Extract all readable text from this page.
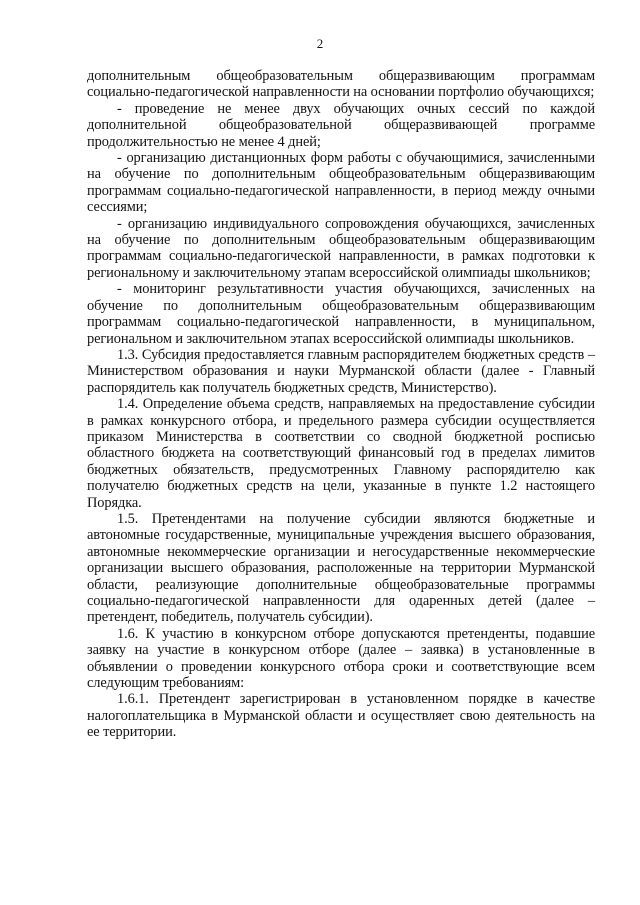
2

дополнительным общеобразовательным общеразвивающим программам социально-педагогической направленности на основании портфолио обучающихся;

- проведение не менее двух обучающих очных сессий по каждой дополнительной общеобразовательной общеразвивающей программе продолжительностью не менее 4 дней;

- организацию дистанционных форм работы с обучающимися, зачисленными на обучение по дополнительным общеобразовательным общеразвивающим программам социально-педагогической направленности, в период между очными сессиями;

- организацию индивидуального сопровождения обучающихся, зачисленных на обучение по дополнительным общеобразовательным общеразвивающим программам социально-педагогической направленности, в рамках подготовки к региональному и заключительному этапам всероссийской олимпиады школьников;

- мониторинг результативности участия обучающихся, зачисленных на обучение по дополнительным общеобразовательным общеразвивающим программам социально-педагогической направленности, в муниципальном, региональном и заключительном этапах всероссийской олимпиады школьников.

1.3. Субсидия предоставляется главным распорядителем бюджетных средств – Министерством образования и науки Мурманской области (далее - Главный распорядитель как получатель бюджетных средств, Министерство).

1.4. Определение объема средств, направляемых на предоставление субсидии в рамках конкурсного отбора, и предельного размера субсидии осуществляется приказом Министерства в соответствии со сводной бюджетной росписью областного бюджета на соответствующий финансовый год в пределах лимитов бюджетных обязательств, предусмотренных Главному распорядителю как получателю бюджетных средств на цели, указанные в пункте 1.2 настоящего Порядка.

1.5. Претендентами на получение субсидии являются бюджетные и автономные государственные, муниципальные учреждения высшего образования, автономные некоммерческие организации и негосударственные некоммерческие организации высшего образования, расположенные на территории Мурманской области, реализующие дополнительные общеобразовательные программы социально-педагогической направленности для одаренных детей (далее – претендент, победитель, получатель субсидии).

1.6. К участию в конкурсном отборе допускаются претенденты, подавшие заявку на участие в конкурсном отборе (далее – заявка) в установленные в объявлении о проведении конкурсного отбора сроки и соответствующие всем следующим требованиям:

1.6.1. Претендент зарегистрирован в установленном порядке в качестве налогоплательщика в Мурманской области и осуществляет свою деятельность на ее территории.
